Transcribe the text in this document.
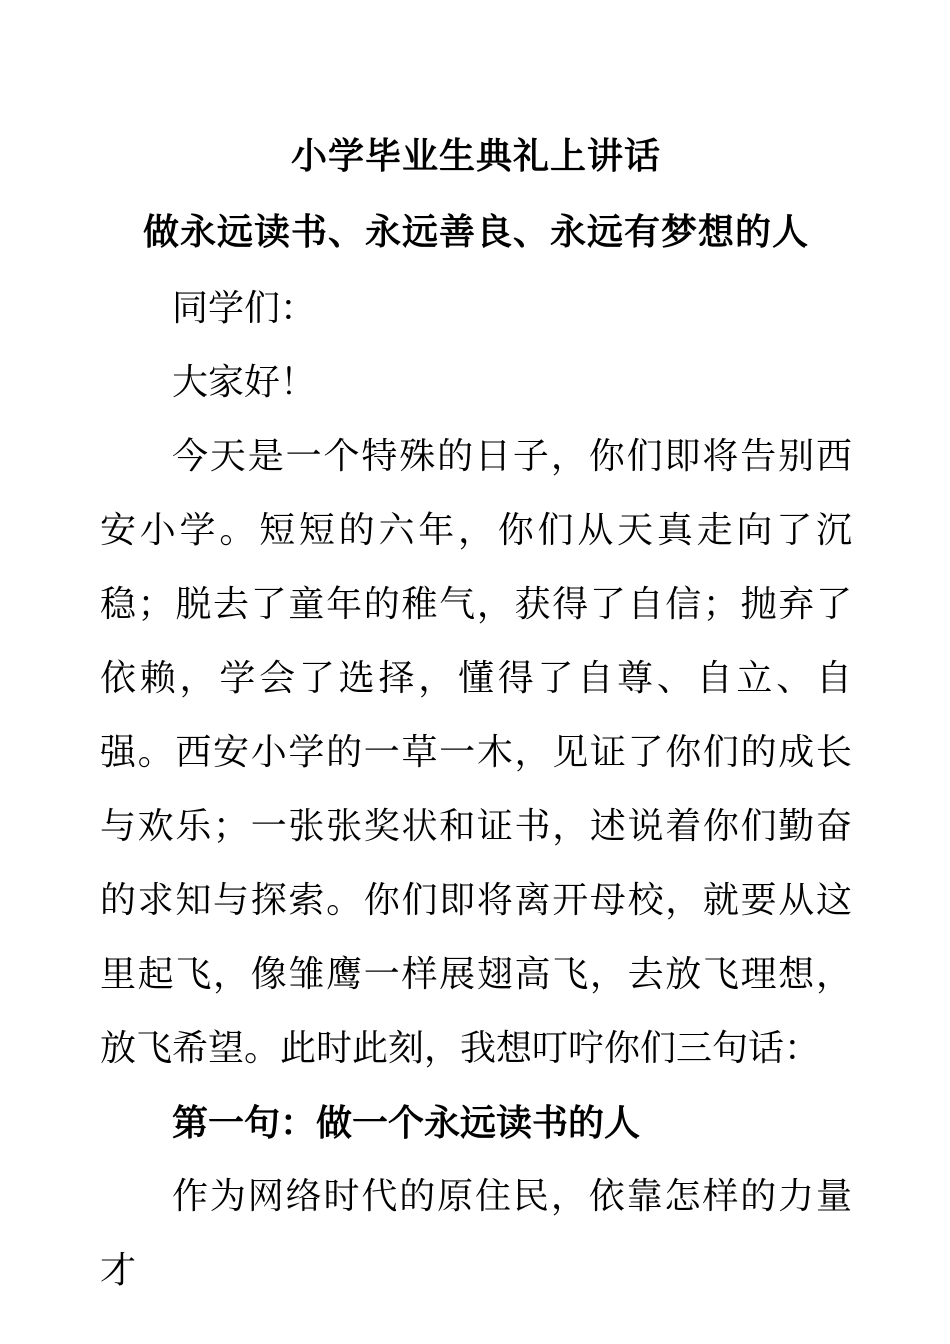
小学毕业生典礼上讲话
做永远读书、永远善良、永远有梦想的人

同学们：

大家好！

今天是一个特殊的日子，你们即将告别西安小学。短短的六年，你们从天真走向了沉稳；脱去了童年的稚气，获得了自信；抛弃了依赖，学会了选择，懂得了自尊、自立、自强。西安小学的一草一木，见证了你们的成长与欢乐；一张张奖状和证书，述说着你们勤奋的求知与探索。你们即将离开母校，就要从这里起飞，像雏鹰一样展翅高飞，去放飞理想，放飞希望。此时此刻，我想叮咛你们三句话：

第一句：做一个永远读书的人

作为网络时代的原住民，依靠怎样的力量才
